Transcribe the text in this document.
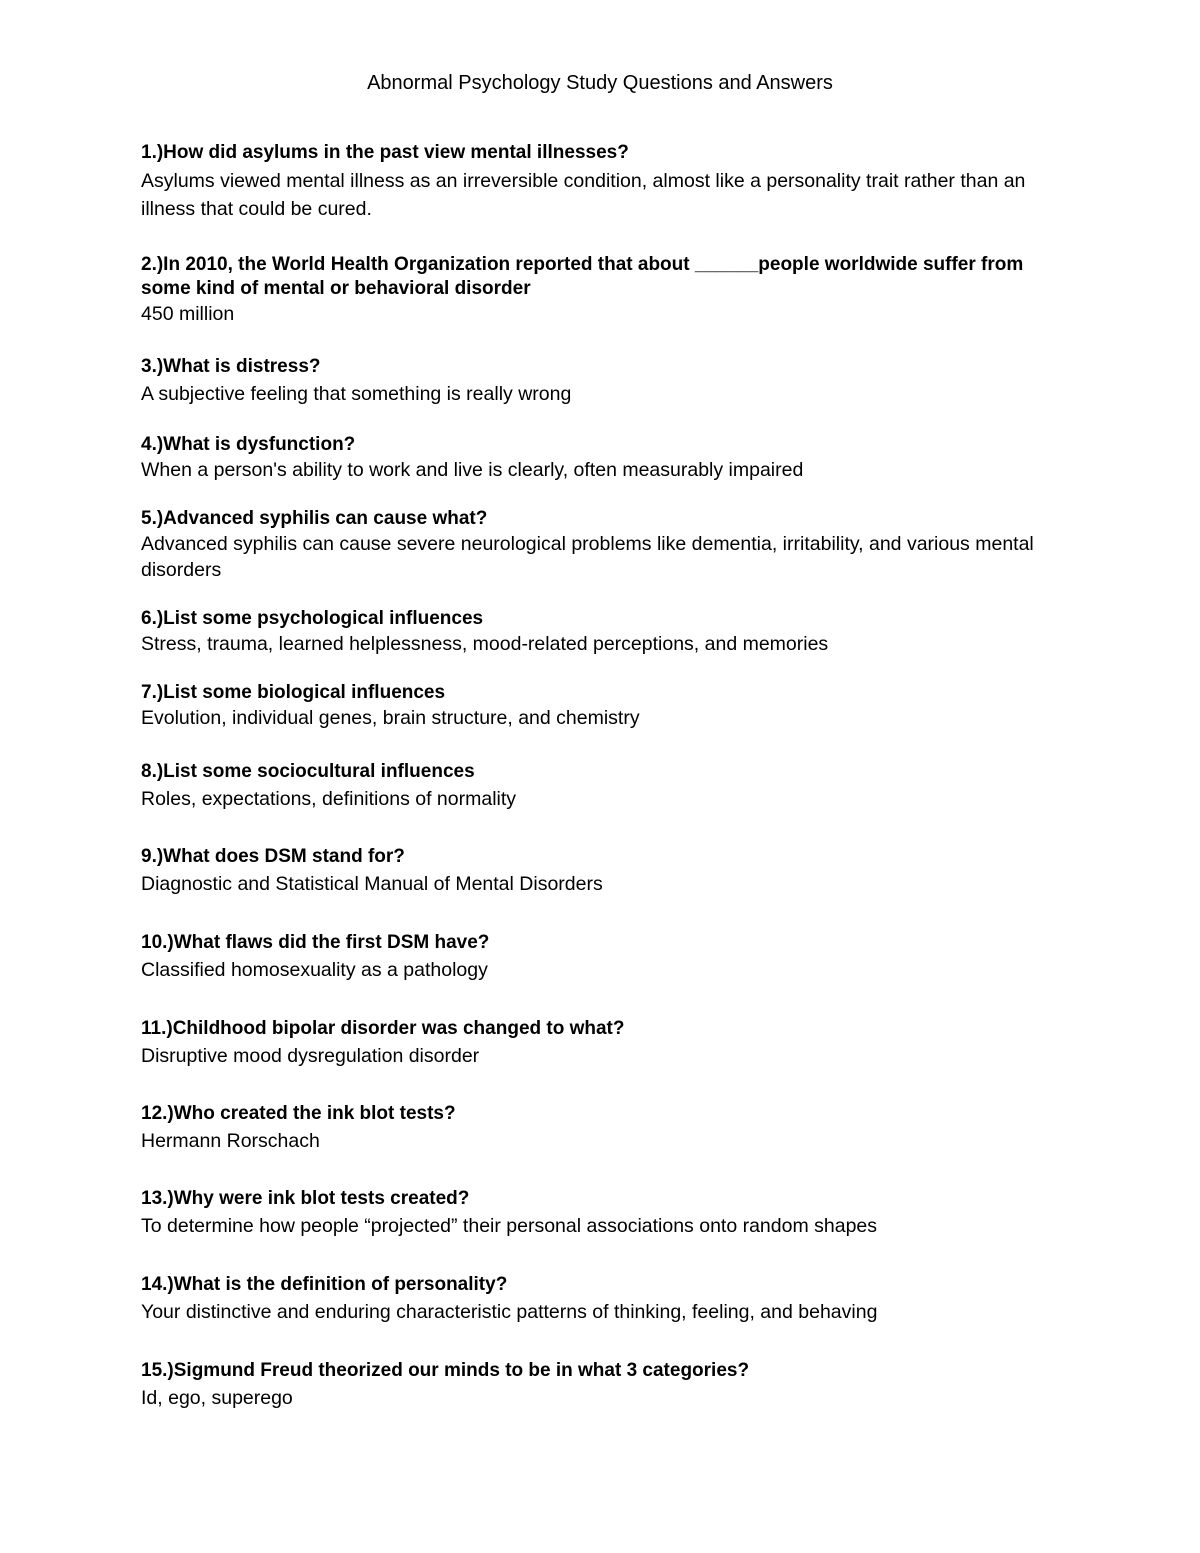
Abnormal Psychology Study Questions and Answers
1.)How did asylums in the past view mental illnesses?
Asylums viewed mental illness as an irreversible condition, almost like a personality trait rather than an illness that could be cured.
2.)In 2010, the World Health Organization reported that about ______people worldwide suffer from some kind of mental or behavioral disorder
450 million
3.)What is distress?
A subjective feeling that something is really wrong
4.)What is dysfunction?
When a person's ability to work and live is clearly, often measurably impaired
5.)Advanced syphilis can cause what?
Advanced syphilis can cause severe neurological problems like dementia, irritability, and various mental disorders
6.)List some psychological influences
Stress, trauma, learned helplessness, mood-related perceptions, and memories
7.)List some biological influences
Evolution, individual genes, brain structure, and chemistry
8.)List some sociocultural influences
Roles, expectations, definitions of normality
9.)What does DSM stand for?
Diagnostic and Statistical Manual of Mental Disorders
10.)What flaws did the first DSM have?
Classified homosexuality as a pathology
11.)Childhood bipolar disorder was changed to what?
Disruptive mood dysregulation disorder
12.)Who created the ink blot tests?
Hermann Rorschach
13.)Why were ink blot tests created?
To determine how people “projected” their personal associations onto random shapes
14.)What is the definition of personality?
Your distinctive and enduring characteristic patterns of thinking, feeling, and behaving
15.)Sigmund Freud theorized our minds to be in what 3 categories?
Id, ego, superego
